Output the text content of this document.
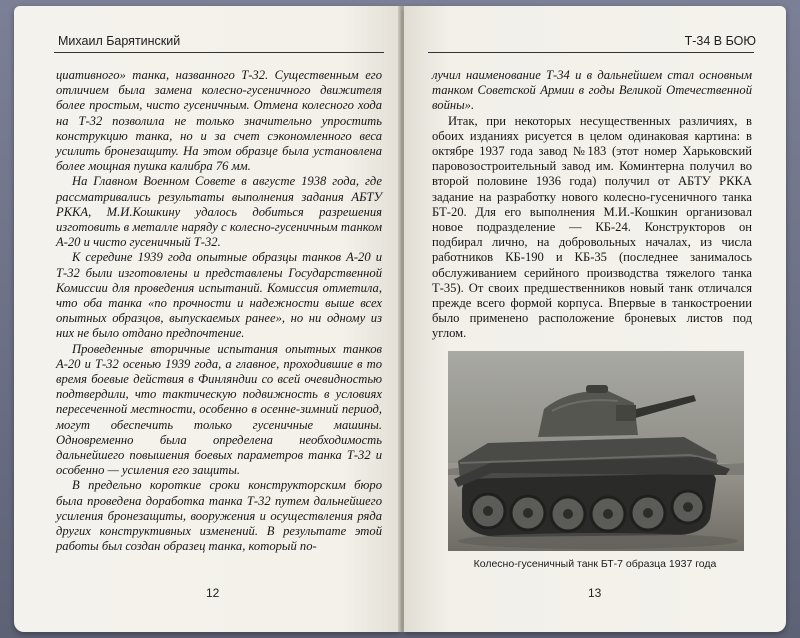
Михаил Барятинский

циативного» танка, названного Т-32. Существенным его отличием была замена колесно-гусеничного движителя более простым, чисто гусеничным. Отмена колесного хода на Т-32 позволила не только значительно упростить конструкцию танка, но и за счет сэкономленного веса усилить бронезащиту. На этом образце была установлена более мощная пушка калибра 76 мм.

На Главном Военном Совете в августе 1938 года, где рассматривались результаты выполнения задания АБТУ РККА, М.И.Кошкину удалось добиться разрешения изготовить в металле наряду с колесно-гусеничным танком А-20 и чисто гусеничный Т-32.

К середине 1939 года опытные образцы танков А-20 и Т-32 были изготовлены и представлены Государственной Комиссии для проведения испытаний. Комиссия отметила, что оба танка «по прочности и надежности выше всех опытных образцов, выпускаемых ранее», но ни одному из них не было отдано предпочтение.

Проведенные вторичные испытания опытных танков А-20 и Т-32 осенью 1939 года, а главное, проходившие в то время боевые действия в Финляндии со всей очевидностью подтвердили, что тактическую подвижность в условиях пересеченной местности, особенно в осенне-зимний период, могут обеспечить только гусеничные машины. Одновременно была определена необходимость дальнейшего повышения боевых параметров танка Т-32 и особенно — усиления его защиты.

В предельно короткие сроки конструкторским бюро была проведена доработка танка Т-32 путем дальнейшего усиления бронезащиты, вооружения и осуществления ряда других конструктивных изменений. В результате этой работы был создан образец танка, который по-

12
Т-34 В БОЮ

лучил наименование Т-34 и в дальнейшем стал основным танком Советской Армии в годы Великой Отечественной войны».

Итак, при некоторых несущественных различиях, в обоих изданиях рисуется в целом одинаковая картина: в октябре 1937 года завод №183 (этот номер Харьковский паровозостроительный завод им. Коминтерна получил во второй половине 1936 года) получил от АБТУ РККА задание на разработку нового колесно-гусеничного танка БТ-20. Для его выполнения М.И.-Кошкин организовал новое подразделение — КБ-24. Конструкторов он подбирал лично, на добровольных началах, из числа работников КБ-190 и КБ-35 (последнее занималось обслуживанием серийного производства тяжелого танка Т-35). От своих предшественников новый танк отличался прежде всего формой корпуса. Впервые в танкостроении было применено расположение броневых листов под углом.

Колесно-гусеничный танк БТ-7 образца 1937 года
13
